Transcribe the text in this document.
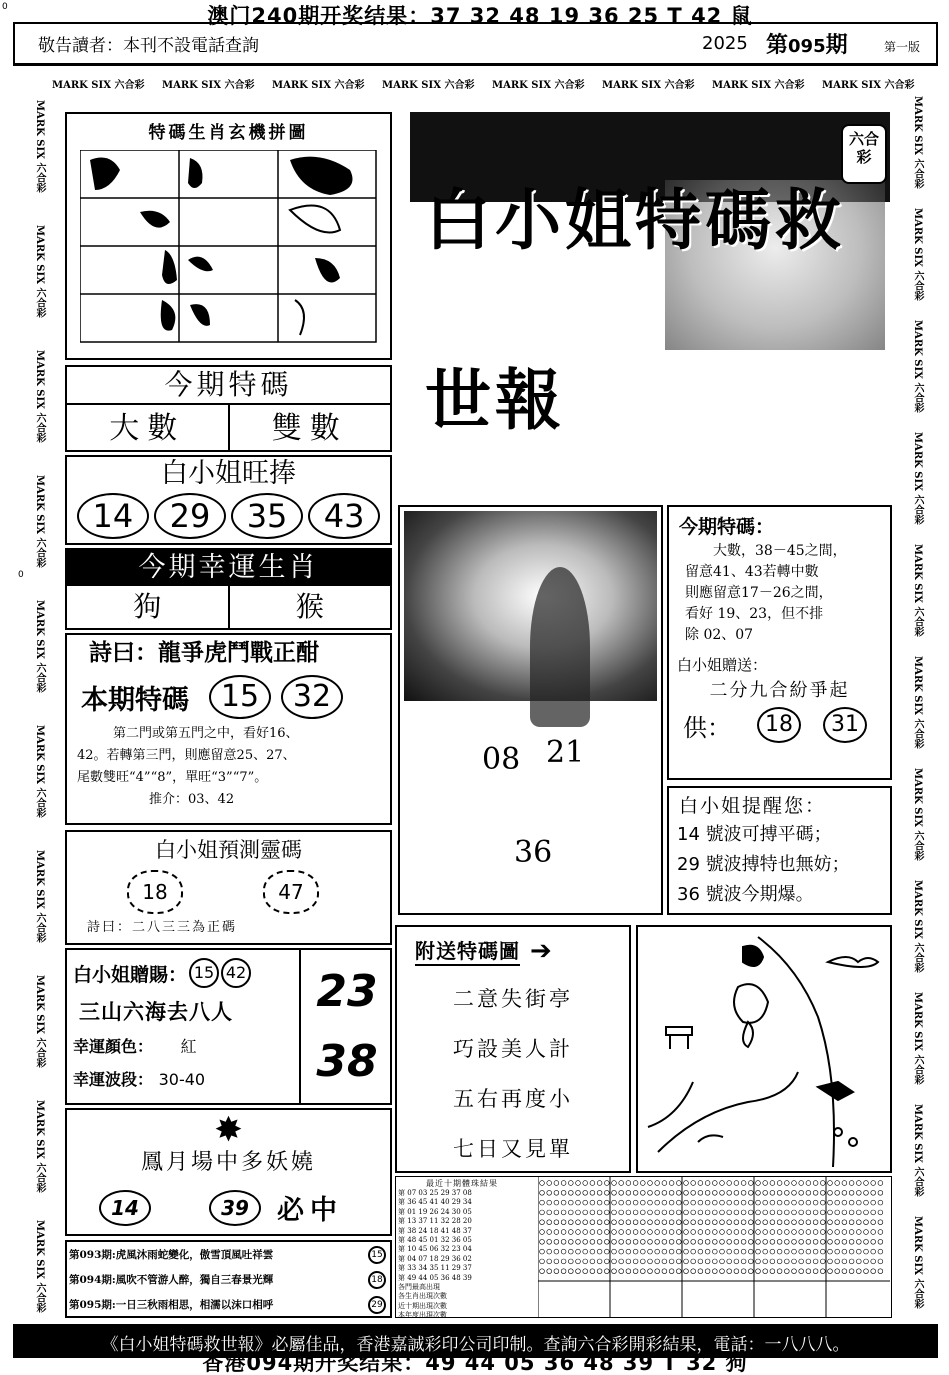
0	澳门240期开奖结果：37 32 48 19 36 25 T 42 鼠
敬告讀者：本刊不設電話查詢	2025 第095期	第一版
MARK SIX 六合彩 MARK SIX 六合彩 MARK SIX 六合彩 MARK SIX 六合彩 MARK SIX 六合彩 MARK SIX 六合彩 MARK SIX 六合彩 MARK SIX 六合彩
MARK SIX 六合彩
MARK SIX 六合彩
MARK SIX 六合彩
MARK SIX 六合彩
MARK SIX 六合彩
MARK SIX 六合彩
MARK SIX 六合彩
MARK SIX 六合彩
MARK SIX 六合彩
MARK SIX 六合彩
0
MARK SIX 六合彩
MARK SIX 六合彩
MARK SIX 六合彩
MARK SIX 六合彩
MARK SIX 六合彩
MARK SIX 六合彩
MARK SIX 六合彩
MARK SIX 六合彩
MARK SIX 六合彩
MARK SIX 六合彩
MARK SIX 六合彩
特碼生肖玄機拼圖
白小姐特碼救世報
六合彩
今期特碼
大數	雙數
白小姐旺捧
14 29 35 43
今期幸運生肖
狗	猴
詩曰：龍爭虎鬥戰正酣
本期特碼	15	32
第二門或第五門之中，看好16、
42。若轉第三門，則應留意25、27、
尾數雙旺“4”“8”，單旺“3”“7”。
推介：03、42
08 21
36
今期特碼：
大數，38－45之間，
留意41、43若轉中數
則應留意17－26之間，
看好 19、23，但不排
除 02、07
白小姐贈送：
二分九合紛爭起
供：	18	31
白小姐提醒您：
14 號波可搏平碼；
29 號波搏特也無妨；
36 號波今期爆。
白小姐預測靈碼
18	47
詩曰：二八三三為正碼
白小姐贈賜： 15 42
三山六海去八人
幸運顏色： 紅
幸運波段： 30-40
23
38
附送特碼圖 ➔
二意失街亭
巧設美人計
五右再度小
七日又見單
✸
鳳月場中多妖嬈
14	39	必中
第093期:虎風沐雨蛇變化，傲雪頂風吐祥雲	15
第094期:風吹不管游人醉，獨自三春景光輝	18
第095期:一日三秋雨相思，相濡以沫口相呼	29
最近十期體珠結果
第 07 03 25 29 37 08
第 36 45 41 40 29 34
第 01 19 26 24 30 05
第 13 37 11 32 28 20
第 38 24 18 41 48 37
第 48 45 01 32 36 05
第 10 45 06 32 23 04
第 04 07 18 29 36 02
第 33 34 35 11 29 37
第 49 44 05 36 48 39
各門最高出現
各生肖出現次數
近十期出現次數
本年度出現次數
《白小姐特碼救世報》必屬佳品，香港嘉誠彩印公司印制。查詢六合彩開彩結果，電話：一八八八。
香港094期开奖结果：49 44 05 36 48 39 T 32 狗
